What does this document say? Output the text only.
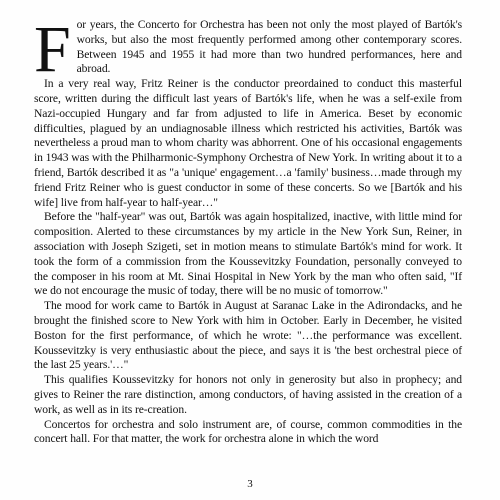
F or years, the Concerto for Orchestra has been not only the most played of Bartók's works, but also the most frequently performed among other contemporary scores. Between 1945 and 1955 it had more than two hundred performances, here and abroad.

In a very real way, Fritz Reiner is the conductor preordained to conduct this masterful score, written during the difficult last years of Bartók's life, when he was a self-exile from Nazi-occupied Hungary and far from adjusted to life in America. Beset by economic difficulties, plagued by an undiagnosable illness which restricted his activities, Bartók was nevertheless a proud man to whom charity was abhorrent. One of his occasional engagements in 1943 was with the Philharmonic-Symphony Orchestra of New York. In writing about it to a friend, Bartók described it as "a 'unique' engagement…a 'family' business…made through my friend Fritz Reiner who is guest conductor in some of these concerts. So we [Bartók and his wife] live from half-year to half-year…"

Before the "half-year" was out, Bartók was again hospitalized, inactive, with little mind for composition. Alerted to these circumstances by my article in the New York Sun, Reiner, in association with Joseph Szigeti, set in motion means to stimulate Bartók's mind for work. It took the form of a commission from the Koussevitzky Foundation, personally conveyed to the composer in his room at Mt. Sinai Hospital in New York by the man who often said, "If we do not encourage the music of today, there will be no music of tomorrow."

The mood for work came to Bartók in August at Saranac Lake in the Adirondacks, and he brought the finished score to New York with him in October. Early in December, he visited Boston for the first performance, of which he wrote: "…the performance was excellent. Koussevitzky is very enthusiastic about the piece, and says it is 'the best orchestral piece of the last 25 years.'…"

This qualifies Koussevitzky for honors not only in generosity but also in prophecy; and gives to Reiner the rare distinction, among conductors, of having assisted in the creation of a work, as well as in its re-creation.

Concertos for orchestra and solo instrument are, of course, common commodities in the concert hall. For that matter, the work for orchestra alone in which the word

3
